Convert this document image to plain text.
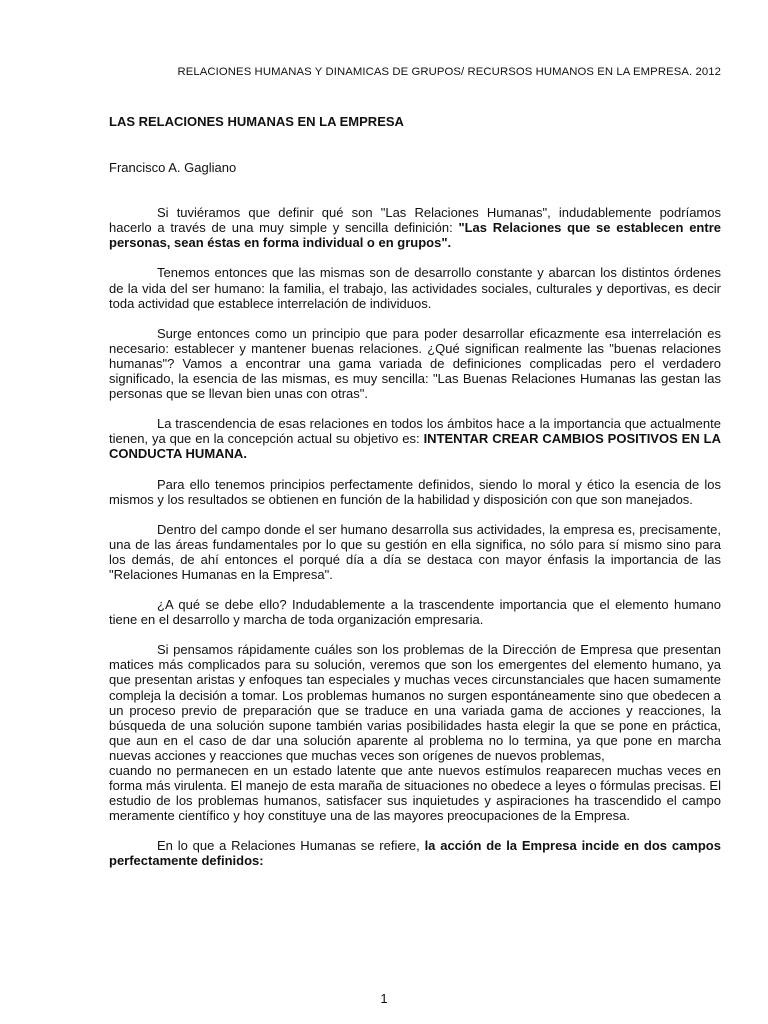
RELACIONES HUMANAS Y DINAMICAS DE GRUPOS/ RECURSOS HUMANOS EN LA EMPRESA. 2012

LAS RELACIONES HUMANAS EN LA EMPRESA

Francisco A. Gagliano

Si tuviéramos que definir qué son "Las Relaciones Humanas", indudablemente podríamos hacerlo a través de una muy simple y sencilla definición: "Las Relaciones que se establecen entre personas, sean éstas en forma individual o en grupos".

Tenemos entonces que las mismas son de desarrollo constante y abarcan los distintos órdenes de la vida del ser humano: la familia, el trabajo, las actividades sociales, culturales y deportivas, es decir toda actividad que establece interrelación de individuos.

Surge entonces como un principio que para poder desarrollar eficazmente esa interrelación es necesario: establecer y mantener buenas relaciones. ¿Qué significan realmente las "buenas relaciones humanas"? Vamos a encontrar una gama variada de definiciones complicadas pero el verdadero significado, la esencia de las mismas, es muy sencilla: "Las Buenas Relaciones Humanas las gestan las personas que se llevan bien unas con otras".

La trascendencia de esas relaciones en todos los ámbitos hace a la importancia que actualmente tienen, ya que en la concepción actual su objetivo es: INTENTAR CREAR CAMBIOS POSITIVOS EN LA CONDUCTA HUMANA.

Para ello tenemos principios perfectamente definidos, siendo lo moral y ético la esencia de los mismos y los resultados se obtienen en función de la habilidad y disposición con que son manejados.

Dentro del campo donde el ser humano desarrolla sus actividades, la empresa es, precisamente, una de las áreas fundamentales por lo que su gestión en ella significa, no sólo para sí mismo sino para los demás, de ahí entonces el porqué día a día se destaca con mayor énfasis la importancia de las "Relaciones Humanas en la Empresa".

¿A qué se debe ello? Indudablemente a la trascendente importancia que el elemento humano tiene en el desarrollo y marcha de toda organización empresaria.

Si pensamos rápidamente cuáles son los problemas de la Dirección de Empresa que presentan matices más complicados para su solución, veremos que son los emergentes del elemento humano, ya que presentan aristas y enfoques tan especiales y muchas veces circunstanciales que hacen sumamente compleja la decisión a tomar. Los problemas humanos no surgen espontáneamente sino que obedecen a un proceso previo de preparación que se traduce en una variada gama de acciones y reacciones, la búsqueda de una solución supone también varias posibilidades hasta elegir la que se pone en práctica, que aun en el caso de dar una solución aparente al problema no lo termina, ya que pone en marcha nuevas acciones y reacciones que muchas veces son orígenes de nuevos problemas,

cuando no permanecen en un estado latente que ante nuevos estímulos reaparecen muchas veces en forma más virulenta. El manejo de esta maraña de situaciones no obedece a leyes o fórmulas precisas. El estudio de los problemas humanos, satisfacer sus inquietudes y aspiraciones ha trascendido el campo meramente científico y hoy constituye una de las mayores preocupaciones de la Empresa.

En lo que a Relaciones Humanas se refiere, la acción de la Empresa incide en dos campos perfectamente definidos:

1
